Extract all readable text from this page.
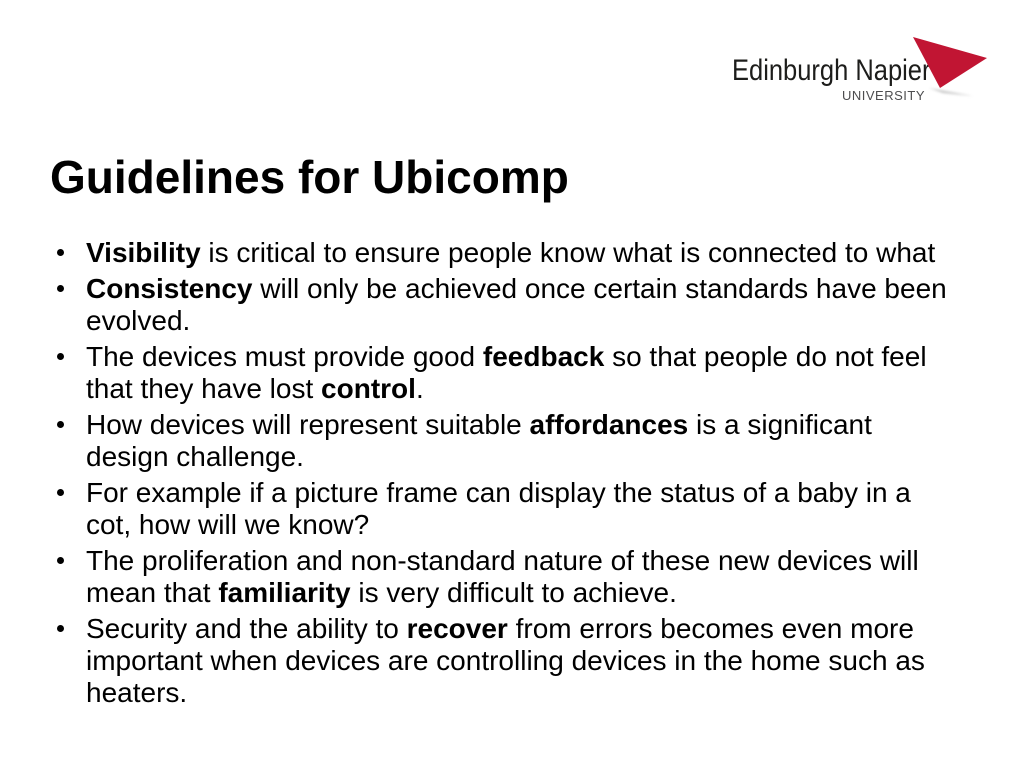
Edinburgh Napier
UNIVERSITY
Guidelines for Ubicomp
Visibility is critical to ensure people know what is connected to what
Consistency will only be achieved once certain standards have been evolved.
The devices must provide good feedback so that people do not feel that they have lost control.
How devices will represent suitable affordances is a significant design challenge.
For example if a picture frame can display the status of a baby in a cot, how will we know?
The proliferation and non-standard nature of these new devices will mean that familiarity is very difficult to achieve.
Security and the ability to recover from errors becomes even more important when devices are controlling devices in the home such as heaters.
